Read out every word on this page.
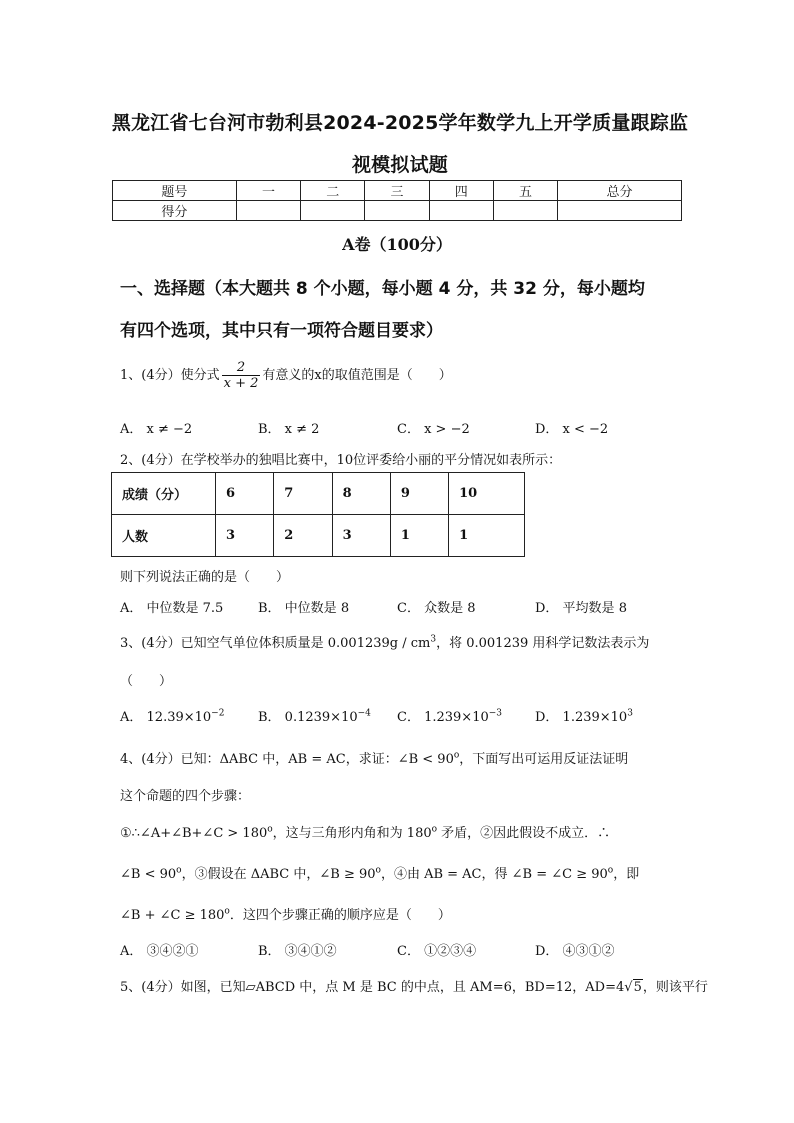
黑龙江省七台河市勃利县2024-2025学年数学九上开学质量跟踪监
视模拟试题
题号	一	二	三	四	五	总分
得分						
A卷（100分）
一、选择题（本大题共 8 个小题，每小题 4 分，共 32 分，每小题均
有四个选项，其中只有一项符合题目要求）
1、(4分）使分式 $\frac{2}{x + 2}$ 有意义的x的取值范围是（　　）
A． x ≠ −2	B． x ≠ 2	C． x > −2	D． x < −2
2、(4分）在学校举办的独唱比赛中，10位评委给小丽的平分情况如表所示：
成绩（分）	6	7	8	9	10
人数	3	2	3	1	1
则下列说法正确的是（　　）
A． 中位数是 7.5	B． 中位数是 8	C． 众数是 8	D． 平均数是 8
3、(4分）已知空气单位体积质量是 $0.001239g / cm^3$，将 0.001239 用科学记数法表示为
（　　）
A． $12.39\times 10^{-2}$	B． $0.1239\times 10^{-4}$ C． $1.239\times 10^{-3}$	D． $1.239\times 10^3$
4、(4分）已知：ΔABC 中，AB = AC，求证：∠B < $90^o$，下面写出可运用反证法证明
这个命题的四个步骤：
①∴∠A+∠B+∠C > $180^o$，这与三角形内角和为 180$^o$ 矛盾，②因此假设不成立．∴
∠B < $90^o$，③假设在 ΔABC 中，∠B ≥ $90^o$，④由 AB = AC，得 ∠B = ∠C ≥ $90^o$，即
∠B + ∠C ≥ $180^o$．这四个步骤正确的顺序应是（　　）
A． ③④②①	B． ③④①②	C． ①②③④	D． ④③①②
5、(4分）如图，已知▱ABCD 中，点 M 是 BC 的中点，且 AM=6，BD=12，AD=4√5，则该平行
